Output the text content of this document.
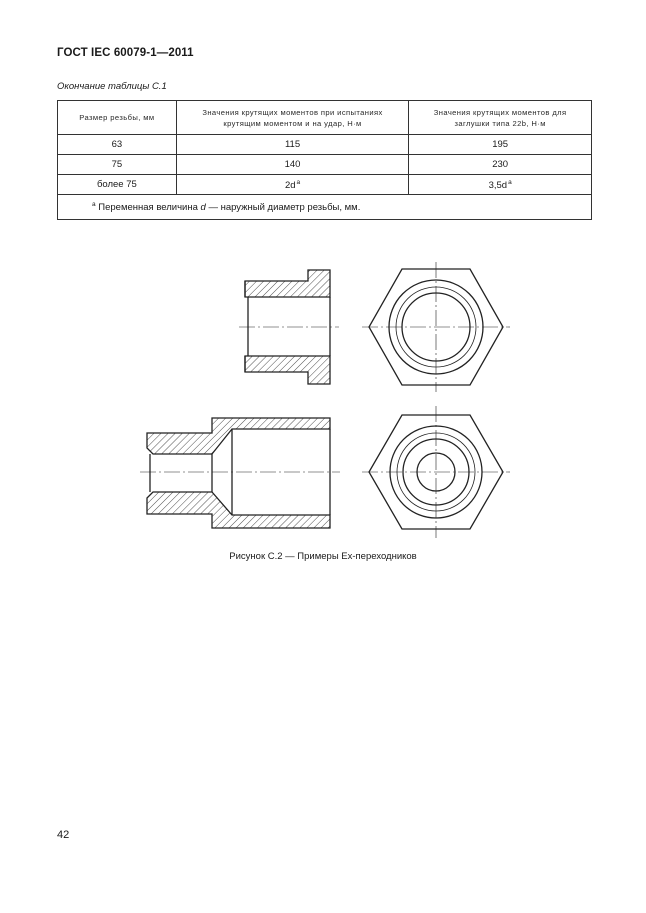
ГОСТ IEC 60079-1—2011
Окончание таблицы С.1
Размер резьбы, мм	Значения крутящих моментов при испытаниях крутящим моментом и на удар, Н·м	Значения крутящих моментов для заглушки типа 22b, Н·м
63	115	195
75	140	230
более 75	$2d^a$	$3,5d^a$
$^a$ Переменная величина d — наружный диаметр резьбы, мм.		
Рисунок С.2 — Примеры Ex-переходников
42
